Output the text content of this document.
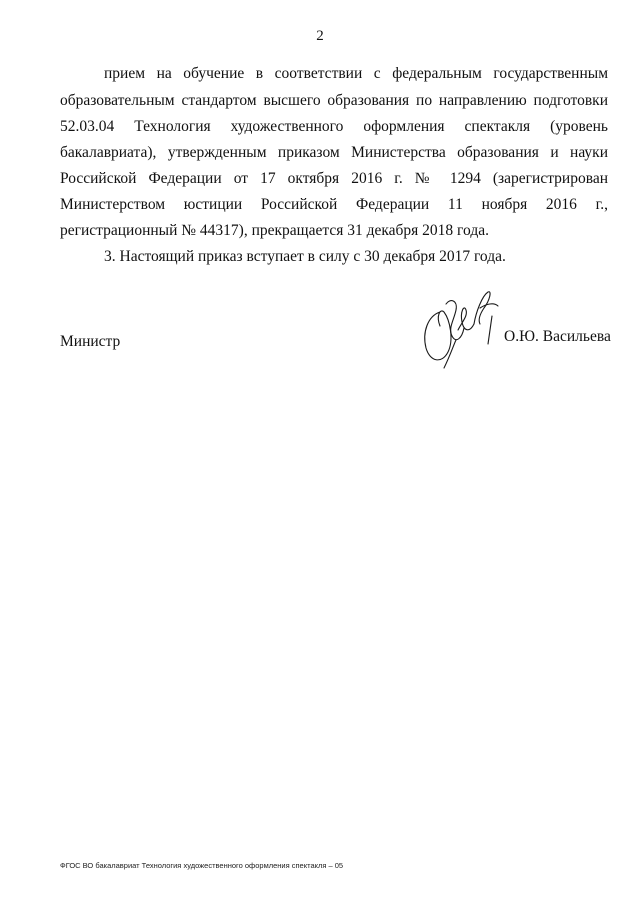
2
прием на обучение в соответствии с федеральным государственным
образовательным стандартом высшего образования по направлению подготовки
52.03.04 Технология художественного оформления спектакля (уровень
бакалавриата), утвержденным приказом Министерства образования и науки
Российской Федерации от 17 октября 2016 г. № 1294 (зарегистрирован
Министерством юстиции Российской Федерации 11 ноября 2016 г.,
регистрационный № 44317), прекращается 31 декабря 2018 года.
3. Настоящий приказ вступает в силу с 30 декабря 2017 года.
Министр	О.Ю. Васильева
ФГОС ВО бакалавриат Технология художественного оформления спектакля – 05
